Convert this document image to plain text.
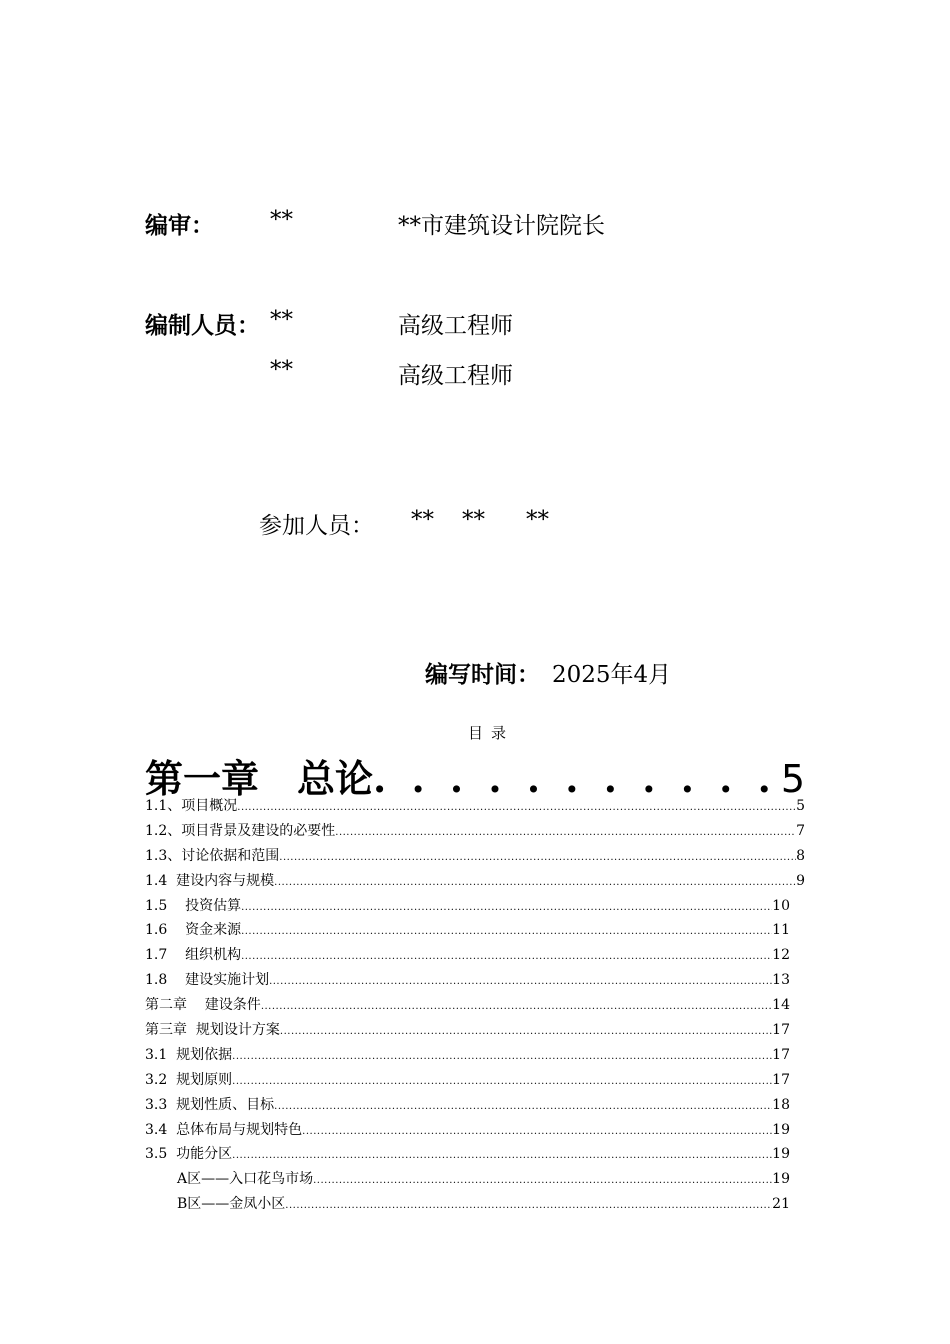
编审： **	**市建筑设计院院长
编制人员： **	高级工程师
**	高级工程师
参加人员： ** ** **
编写时间： 2025年4月
目录
第一章　总论 . . .	5
1.1、项目概况 .....	5
1.2、项目背景及建设的必要性 .....	7
1.3、讨论依据和范围 .....	8
1.4  建设内容与规模 .....	9
1.5    投资估算 .....	10
1.6    资金来源 .....	11
1.7    组织机构 .....	12
1.8    建设实施计划 .....	13
第二章    建设条件 .....	14
第三章  规划设计方案 .....	17
3.1  规划依据 .....	17
3.2  规划原则 .....	17
3.3  规划性质、目标 .....	18
3.4  总体布局与规划特色 .....	19
3.5  功能分区 .....	19
A区——入口花鸟市场 .....	19
B区——金凤小区 .....	21
